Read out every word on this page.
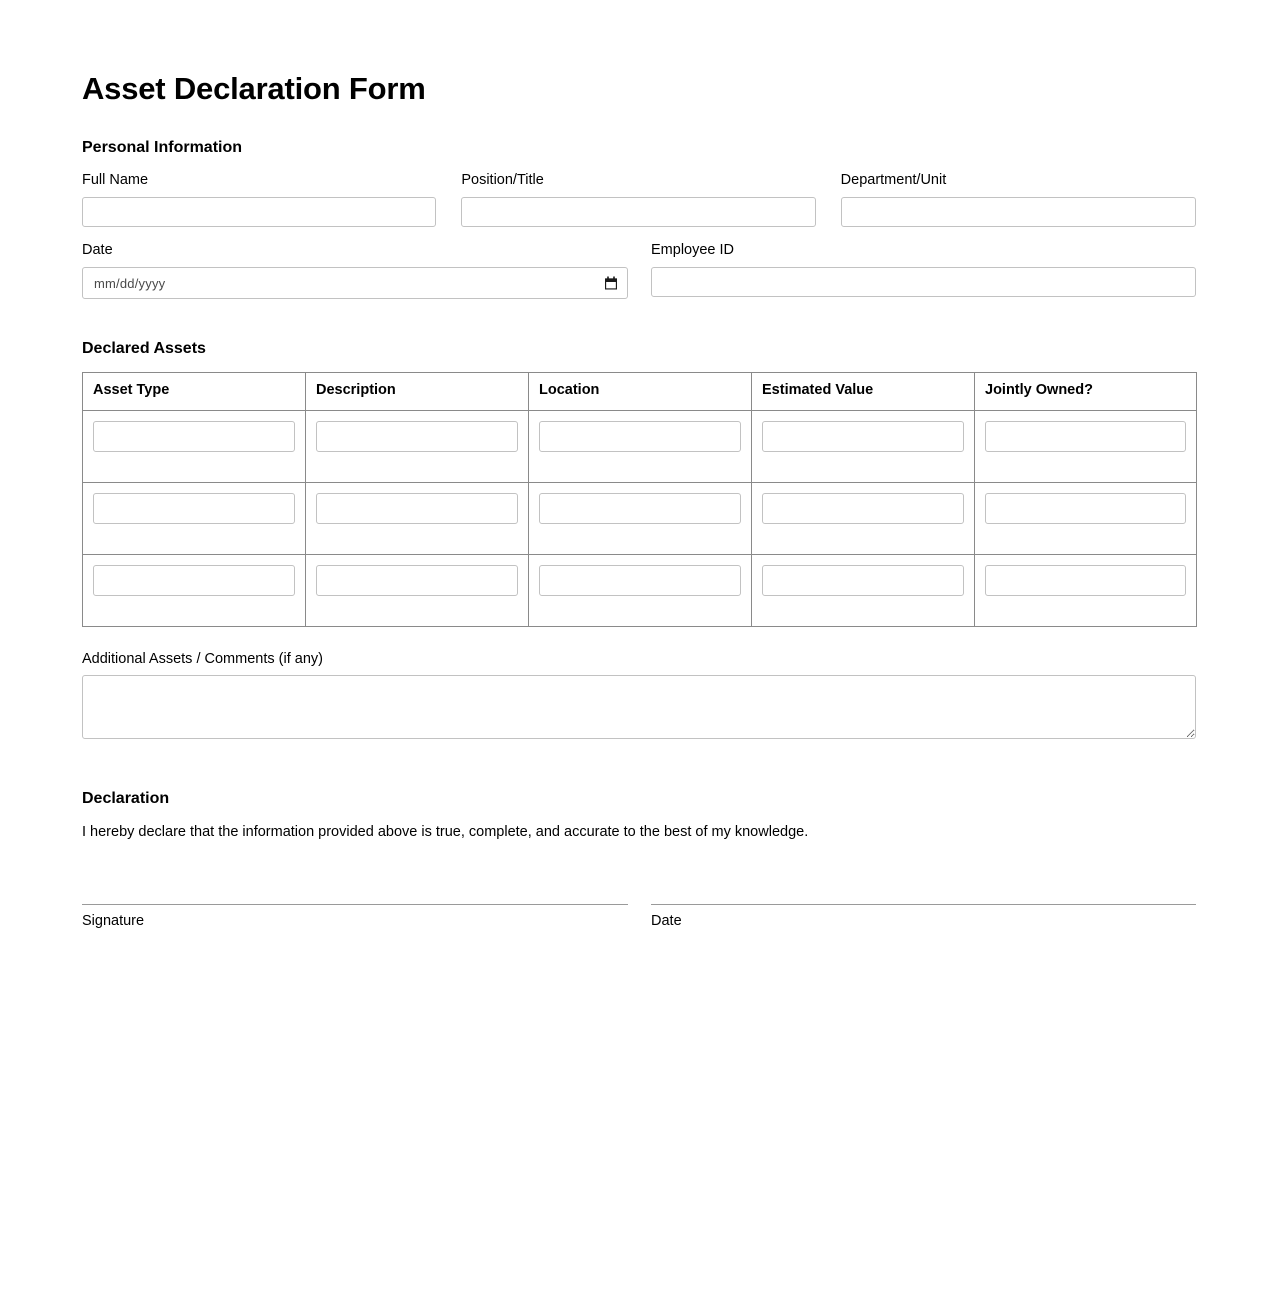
Asset Declaration Form
Personal Information
Full Name	Position/Title	Department/Unit
Date
mm/dd/yyyy
Employee ID
Declared Assets
Asset Type	Description	Location	Estimated Value	Jointly Owned?

Additional Assets / Comments (if any)
Declaration

I hereby declare that the information provided above is true, complete, and accurate to the best of my knowledge.

Signature	Date
